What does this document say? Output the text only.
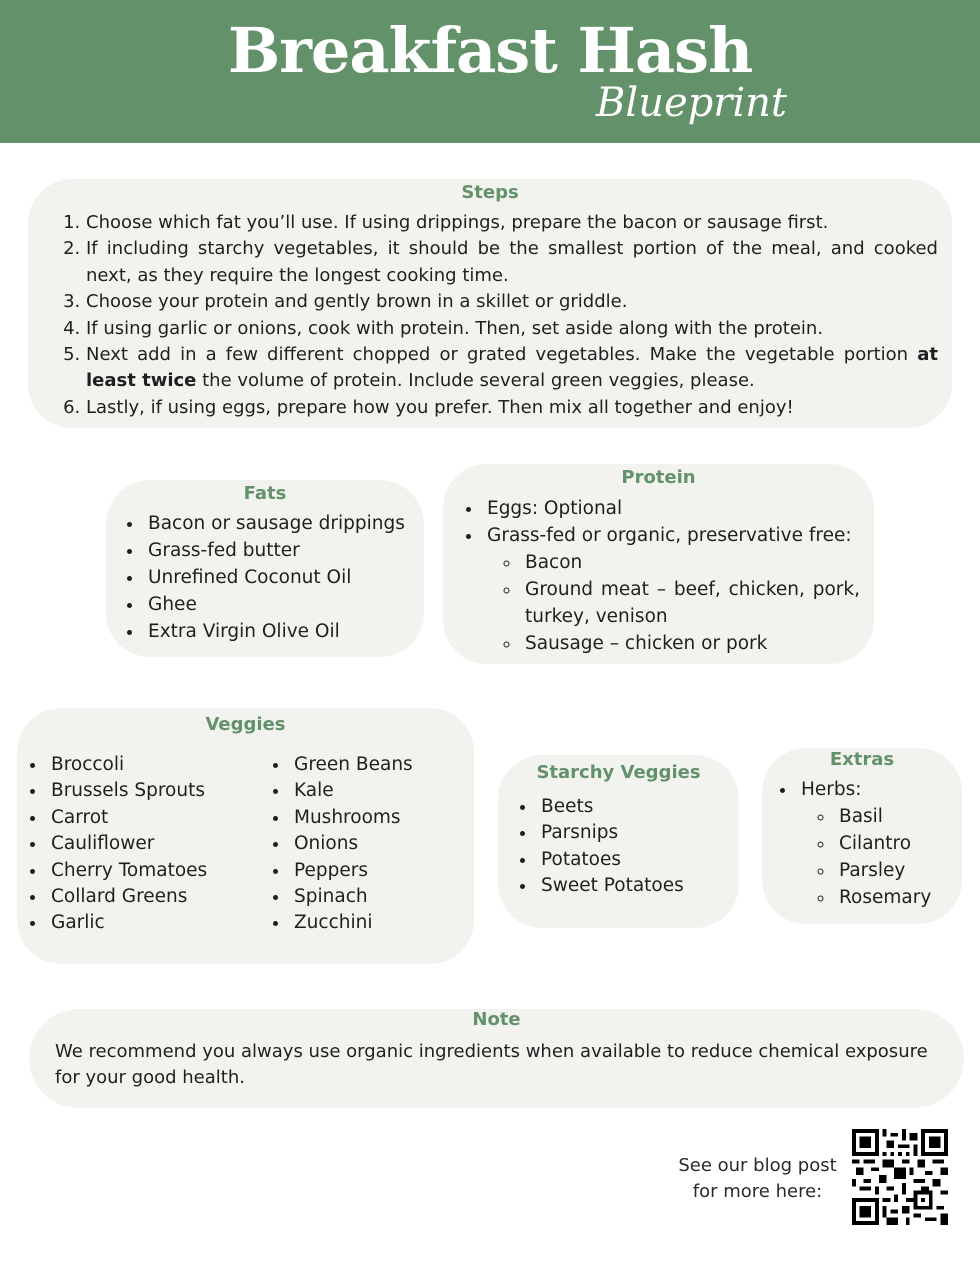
Breakfast Hash
Blueprint
Steps
1. Choose which fat you’ll use. If using drippings, prepare the bacon or sausage first.
2. If including starchy vegetables, it should be the smallest portion of the meal, and cooked next, as they require the longest cooking time.
3. Choose your protein and gently brown in a skillet or griddle.
4. If using garlic or onions, cook with protein. Then, set aside along with the protein.
5. Next add in a few different chopped or grated vegetables. Make the vegetable portion at least twice the volume of protein. Include several green veggies, please.
6. Lastly, if using eggs, prepare how you prefer. Then mix all together and enjoy!
Fats
• Bacon or sausage drippings
• Grass-fed butter
• Unrefined Coconut Oil
• Ghee
• Extra Virgin Olive Oil
Protein
• Eggs: Optional
• Grass-fed or organic, preservative free:
◦ Bacon
◦ Ground meat – beef, chicken, pork, turkey, venison
◦ Sausage – chicken or pork
Veggies
• Broccoli
• Brussels Sprouts
• Carrot
• Cauliflower
• Cherry Tomatoes
• Collard Greens
• Garlic
• Green Beans
• Kale
• Mushrooms
• Onions
• Peppers
• Spinach
• Zucchini
Starchy Veggies
• Beets
• Parsnips
• Potatoes
• Sweet Potatoes
Extras
• Herbs:
◦ Basil
◦ Cilantro
◦ Parsley
◦ Rosemary
Note
We recommend you always use organic ingredients when available to reduce chemical exposure for your good health.
See our blog post
for more here:
